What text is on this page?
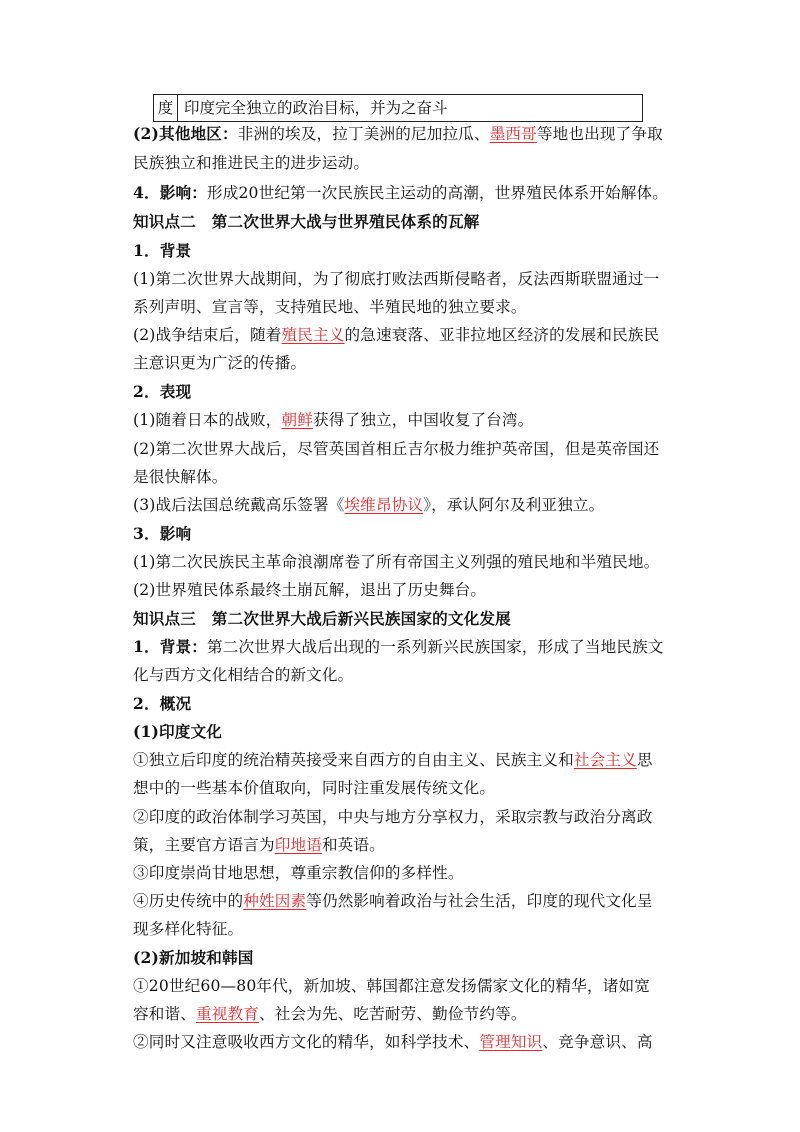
度 印度完全独立的政治目标，并为之奋斗
(2)其他地区：非洲的埃及，拉丁美洲的尼加拉瓜、墨西哥等地也出现了争取
民族独立和推进民主的进步运动。
4．影响：形成20世纪第一次民族民主运动的高潮，世界殖民体系开始解体。
知识点二　第二次世界大战与世界殖民体系的瓦解
1．背景
(1)第二次世界大战期间，为了彻底打败法西斯侵略者，反法西斯联盟通过一
系列声明、宣言等，支持殖民地、半殖民地的独立要求。
(2)战争结束后，随着殖民主义的急速衰落、亚非拉地区经济的发展和民族民
主意识更为广泛的传播。
2．表现
(1)随着日本的战败，朝鲜获得了独立，中国收复了台湾。
(2)第二次世界大战后，尽管英国首相丘吉尔极力维护英帝国，但是英帝国还
是很快解体。
(3)战后法国总统戴高乐签署《埃维昂协议》，承认阿尔及利亚独立。
3．影响
(1)第二次民族民主革命浪潮席卷了所有帝国主义列强的殖民地和半殖民地。
(2)世界殖民体系最终土崩瓦解，退出了历史舞台。
知识点三　第二次世界大战后新兴民族国家的文化发展
1．背景：第二次世界大战后出现的一系列新兴民族国家，形成了当地民族文
化与西方文化相结合的新文化。
2．概况
(1)印度文化
①独立后印度的统治精英接受来自西方的自由主义、民族主义和社会主义思
想中的一些基本价值取向，同时注重发展传统文化。
②印度的政治体制学习英国，中央与地方分享权力，采取宗教与政治分离政
策，主要官方语言为印地语和英语。
③印度崇尚甘地思想，尊重宗教信仰的多样性。
④历史传统中的种姓因素等仍然影响着政治与社会生活，印度的现代文化呈
现多样化特征。
(2)新加坡和韩国
①20世纪60—80年代，新加坡、韩国都注意发扬儒家文化的精华，诸如宽
容和谐、重视教育、社会为先、吃苦耐劳、勤俭节约等。
②同时又注意吸收西方文化的精华，如科学技术、管理知识、竞争意识、高
